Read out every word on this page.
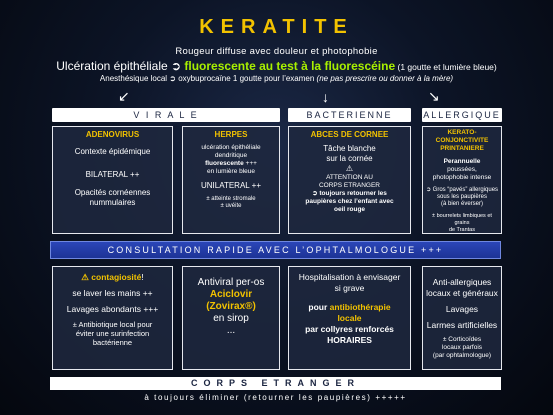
KERATITE
Rougeur diffuse avec douleur et photophobie
Ulcération épithéliale ➲ fluorescente au test à la fluorescéine (1 goutte et lumière bleue)
Anesthésique local ➲ oxybuprocaïne 1 goutte pour l’examen (ne pas prescrire ou donner à la mère)
↙	↓	↘
V I R A L E	BACTERIENNE	ALLERGIQUE
ADENOVIRUS
Contexte épidémique
BILATERAL ++
Opacités cornéennes
nummulaires
HERPES
ulcération épithéliale
dendritique
fluorescente +++
en lumière bleue
UNILATERAL ++
± atteinte stromale
± uvéite
ABCES DE CORNEE
Tâche blanche
sur la cornée
⚠
ATTENTION AU
CORPS ETRANGER
➲ toujours retourner les
paupières chez l’enfant avec
oeil rouge
KERATO-CONJONCTIVITE
PRINTANIERE
Perannuelle
poussées,
photophobie intense
➲ Gros “pavés” allergiques
sous les paupières
(à bien éverser)
± bourrelets limbiques et grains
de Trantas
CONSULTATION RAPIDE AVEC L’OPHTALMOLOGUE +++
⚠ contagiosité!
se laver les mains ++
Lavages abondants +++
± Antibiotique local pour
éviter une surinfection
bactérienne
Antiviral per-os
Aciclovir
(Zovirax®)
en sirop
...
Hospitalisation à envisager
si grave
pour antibiothérapie
locale
par collyres renforcés
HORAIRES
Anti-allergiques
locaux et généraux
Lavages
Larmes artificielles
± Corticoïdes
locaux parfois
(par ophtalmologue)
CORPS ETRANGER
à toujours éliminer (retourner les paupières) +++++
